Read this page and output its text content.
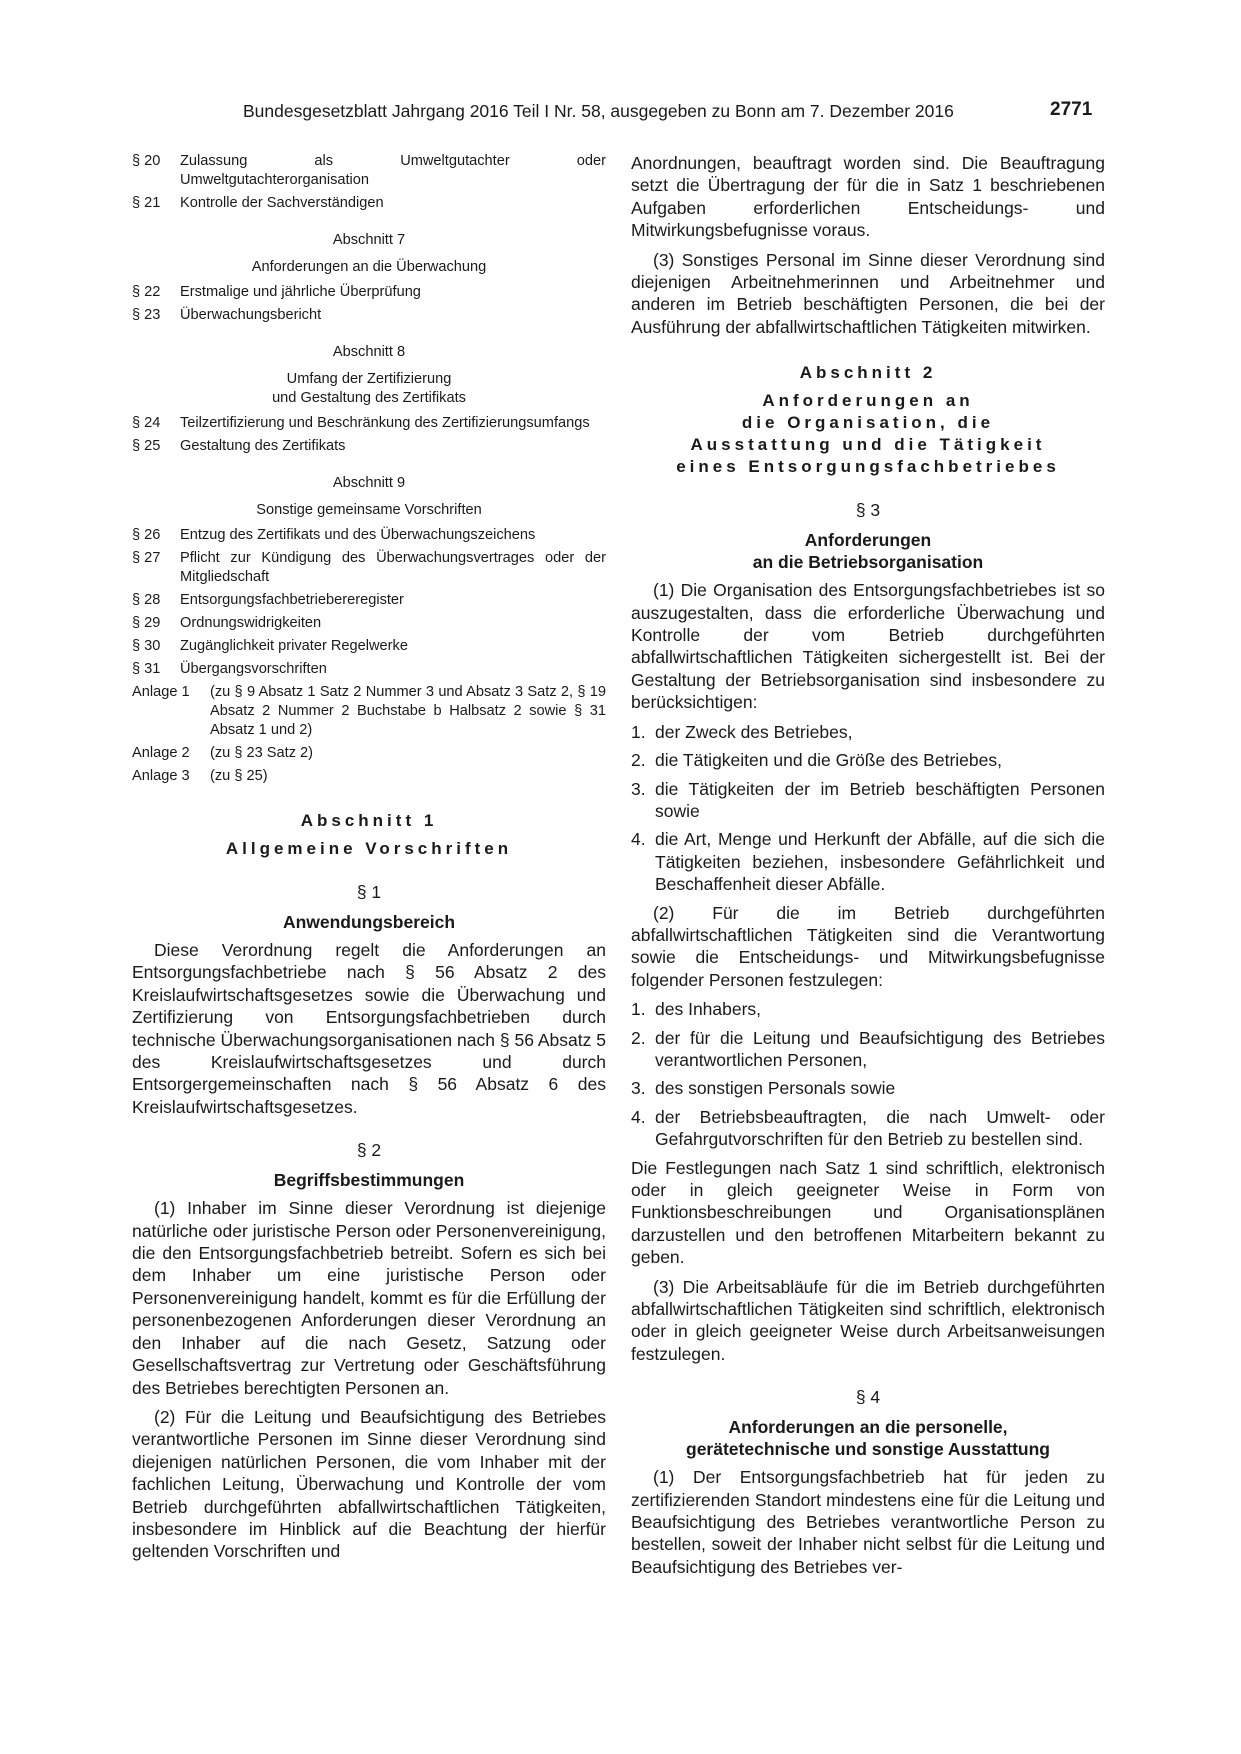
Bundesgesetzblatt Jahrgang 2016 Teil I Nr. 58, ausgegeben zu Bonn am 7. Dezember 2016	2771
§ 20	Zulassung als Umweltgutachter oder Umweltgutachterorganisation
§ 21	Kontrolle der Sachverständigen
Abschnitt 7
Anforderungen an die Überwachung
§ 22	Erstmalige und jährliche Überprüfung
§ 23	Überwachungsbericht
Abschnitt 8
Umfang der Zertifizierung
und Gestaltung des Zertifikats
§ 24	Teilzertifizierung und Beschränkung des Zertifizierungsumfangs
§ 25	Gestaltung des Zertifikats
Abschnitt 9
Sonstige gemeinsame Vorschriften
§ 26	Entzug des Zertifikats und des Überwachungszeichens
§ 27	Pflicht zur Kündigung des Überwachungsvertrages oder der Mitgliedschaft
§ 28	Entsorgungsfachbetriebereregister
§ 29	Ordnungswidrigkeiten
§ 30	Zugänglichkeit privater Regelwerke
§ 31	Übergangsvorschriften
Anlage 1	(zu § 9 Absatz 1 Satz 2 Nummer 3 und Absatz 3 Satz 2, § 19 Absatz 2 Nummer 2 Buchstabe b Halbsatz 2 sowie § 31 Absatz 1 und 2)
Anlage 2	(zu § 23 Satz 2)
Anlage 3	(zu § 25)
Abschnitt 1
Allgemeine Vorschriften
§ 1
Anwendungsbereich

Diese Verordnung regelt die Anforderungen an Entsorgungsfachbetriebe nach § 56 Absatz 2 des Kreislaufwirtschaftsgesetzes sowie die Überwachung und Zertifizierung von Entsorgungsfachbetrieben durch technische Überwachungsorganisationen nach § 56 Absatz 5 des Kreislaufwirtschaftsgesetzes und durch Entsorgergemeinschaften nach § 56 Absatz 6 des Kreislaufwirtschaftsgesetzes.

§ 2
Begriffsbestimmungen

(1) Inhaber im Sinne dieser Verordnung ist diejenige natürliche oder juristische Person oder Personenvereinigung, die den Entsorgungsfachbetrieb betreibt. Sofern es sich bei dem Inhaber um eine juristische Person oder Personenvereinigung handelt, kommt es für die Erfüllung der personenbezogenen Anforderungen dieser Verordnung an den Inhaber auf die nach Gesetz, Satzung oder Gesellschaftsvertrag zur Vertretung oder Geschäftsführung des Betriebes berechtigten Personen an.

(2) Für die Leitung und Beaufsichtigung des Betriebes verantwortliche Personen im Sinne dieser Verordnung sind diejenigen natürlichen Personen, die vom Inhaber mit der fachlichen Leitung, Überwachung und Kontrolle der vom Betrieb durchgeführten abfallwirtschaftlichen Tätigkeiten, insbesondere im Hinblick auf die Beachtung der hierfür geltenden Vorschriften und

Anordnungen, beauftragt worden sind. Die Beauftragung setzt die Übertragung der für die in Satz 1 beschriebenen Aufgaben erforderlichen Entscheidungs- und Mitwirkungsbefugnisse voraus.

(3) Sonstiges Personal im Sinne dieser Verordnung sind diejenigen Arbeitnehmerinnen und Arbeitnehmer und anderen im Betrieb beschäftigten Personen, die bei der Ausführung der abfallwirtschaftlichen Tätigkeiten mitwirken.

Abschnitt 2
Anforderungen an
die Organisation, die
Ausstattung und die Tätigkeit
eines Entsorgungsfachbetriebes
§ 3
Anforderungen
an die Betriebsorganisation

(1) Die Organisation des Entsorgungsfachbetriebes ist so auszugestalten, dass die erforderliche Überwachung und Kontrolle der vom Betrieb durchgeführten abfallwirtschaftlichen Tätigkeiten sichergestellt ist. Bei der Gestaltung der Betriebsorganisation sind insbesondere zu berücksichtigen:

1. der Zweck des Betriebes,
2. die Tätigkeiten und die Größe des Betriebes,
3. die Tätigkeiten der im Betrieb beschäftigten Personen sowie
4. die Art, Menge und Herkunft der Abfälle, auf die sich die Tätigkeiten beziehen, insbesondere Gefährlichkeit und Beschaffenheit dieser Abfälle.

(2) Für die im Betrieb durchgeführten abfallwirtschaftlichen Tätigkeiten sind die Verantwortung sowie die Entscheidungs- und Mitwirkungsbefugnisse folgender Personen festzulegen:

1. des Inhabers,
2. der für die Leitung und Beaufsichtigung des Betriebes verantwortlichen Personen,
3. des sonstigen Personals sowie
4. der Betriebsbeauftragten, die nach Umwelt- oder Gefahrgutvorschriften für den Betrieb zu bestellen sind.

Die Festlegungen nach Satz 1 sind schriftlich, elektronisch oder in gleich geeigneter Weise in Form von Funktionsbeschreibungen und Organisationsplänen darzustellen und den betroffenen Mitarbeitern bekannt zu geben.

(3) Die Arbeitsabläufe für die im Betrieb durchgeführten abfallwirtschaftlichen Tätigkeiten sind schriftlich, elektronisch oder in gleich geeigneter Weise durch Arbeitsanweisungen festzulegen.

§ 4
Anforderungen an die personelle,
gerätetechnische und sonstige Ausstattung

(1) Der Entsorgungsfachbetrieb hat für jeden zu zertifizierenden Standort mindestens eine für die Leitung und Beaufsichtigung des Betriebes verantwortliche Person zu bestellen, soweit der Inhaber nicht selbst für die Leitung und Beaufsichtigung des Betriebes ver-
